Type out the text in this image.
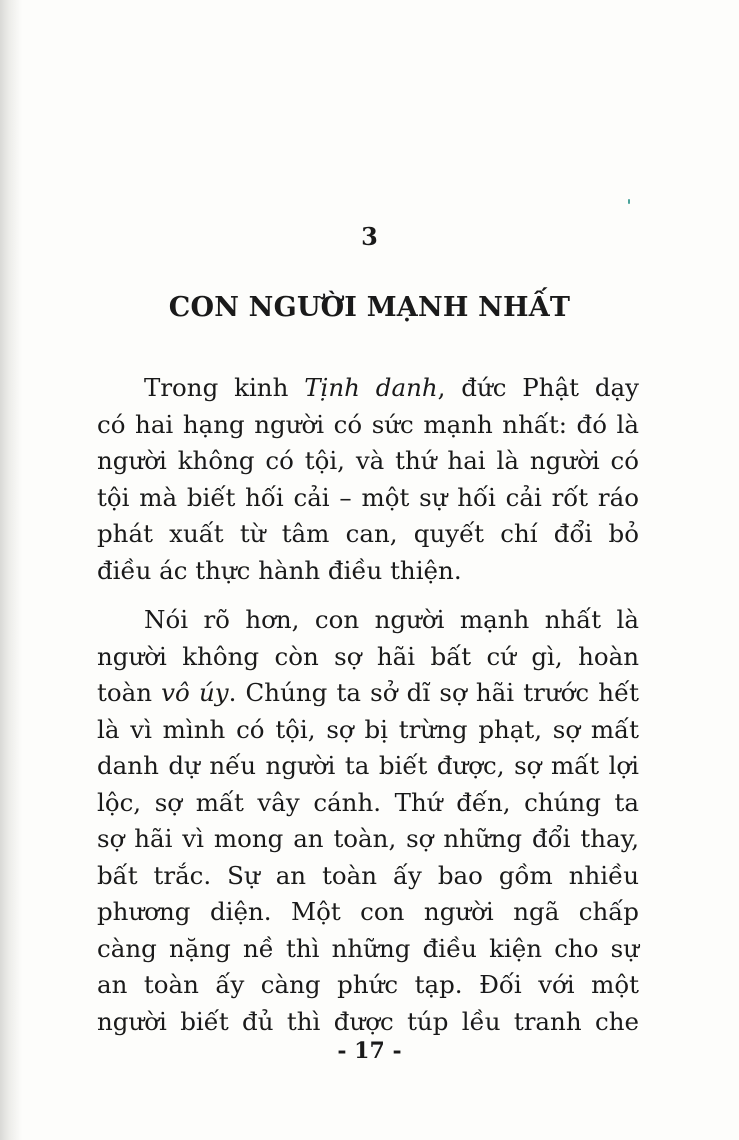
3
CON NGƯỜI MẠNH NHẤT
Trong kinh Tịnh danh, đức Phật dạy
có hai hạng người có sức mạnh nhất: đó là
người không có tội, và thứ hai là người có
tội mà biết hối cải – một sự hối cải rốt ráo
phát xuất từ tâm can, quyết chí đổi bỏ
điều ác thực hành điều thiện.
Nói rõ hơn, con người mạnh nhất là
người không còn sợ hãi bất cứ gì, hoàn
toàn vô úy. Chúng ta sở dĩ sợ hãi trước hết
là vì mình có tội, sợ bị trừng phạt, sợ mất
danh dự nếu người ta biết được, sợ mất lợi
lộc, sợ mất vây cánh. Thứ đến, chúng ta
sợ hãi vì mong an toàn, sợ những đổi thay,
bất trắc. Sự an toàn ấy bao gồm nhiều
phương diện. Một con người ngã chấp
càng nặng nề thì những điều kiện cho sự
an toàn ấy càng phức tạp. Đối với một
người biết đủ thì được túp lều tranh che
- 17 -
